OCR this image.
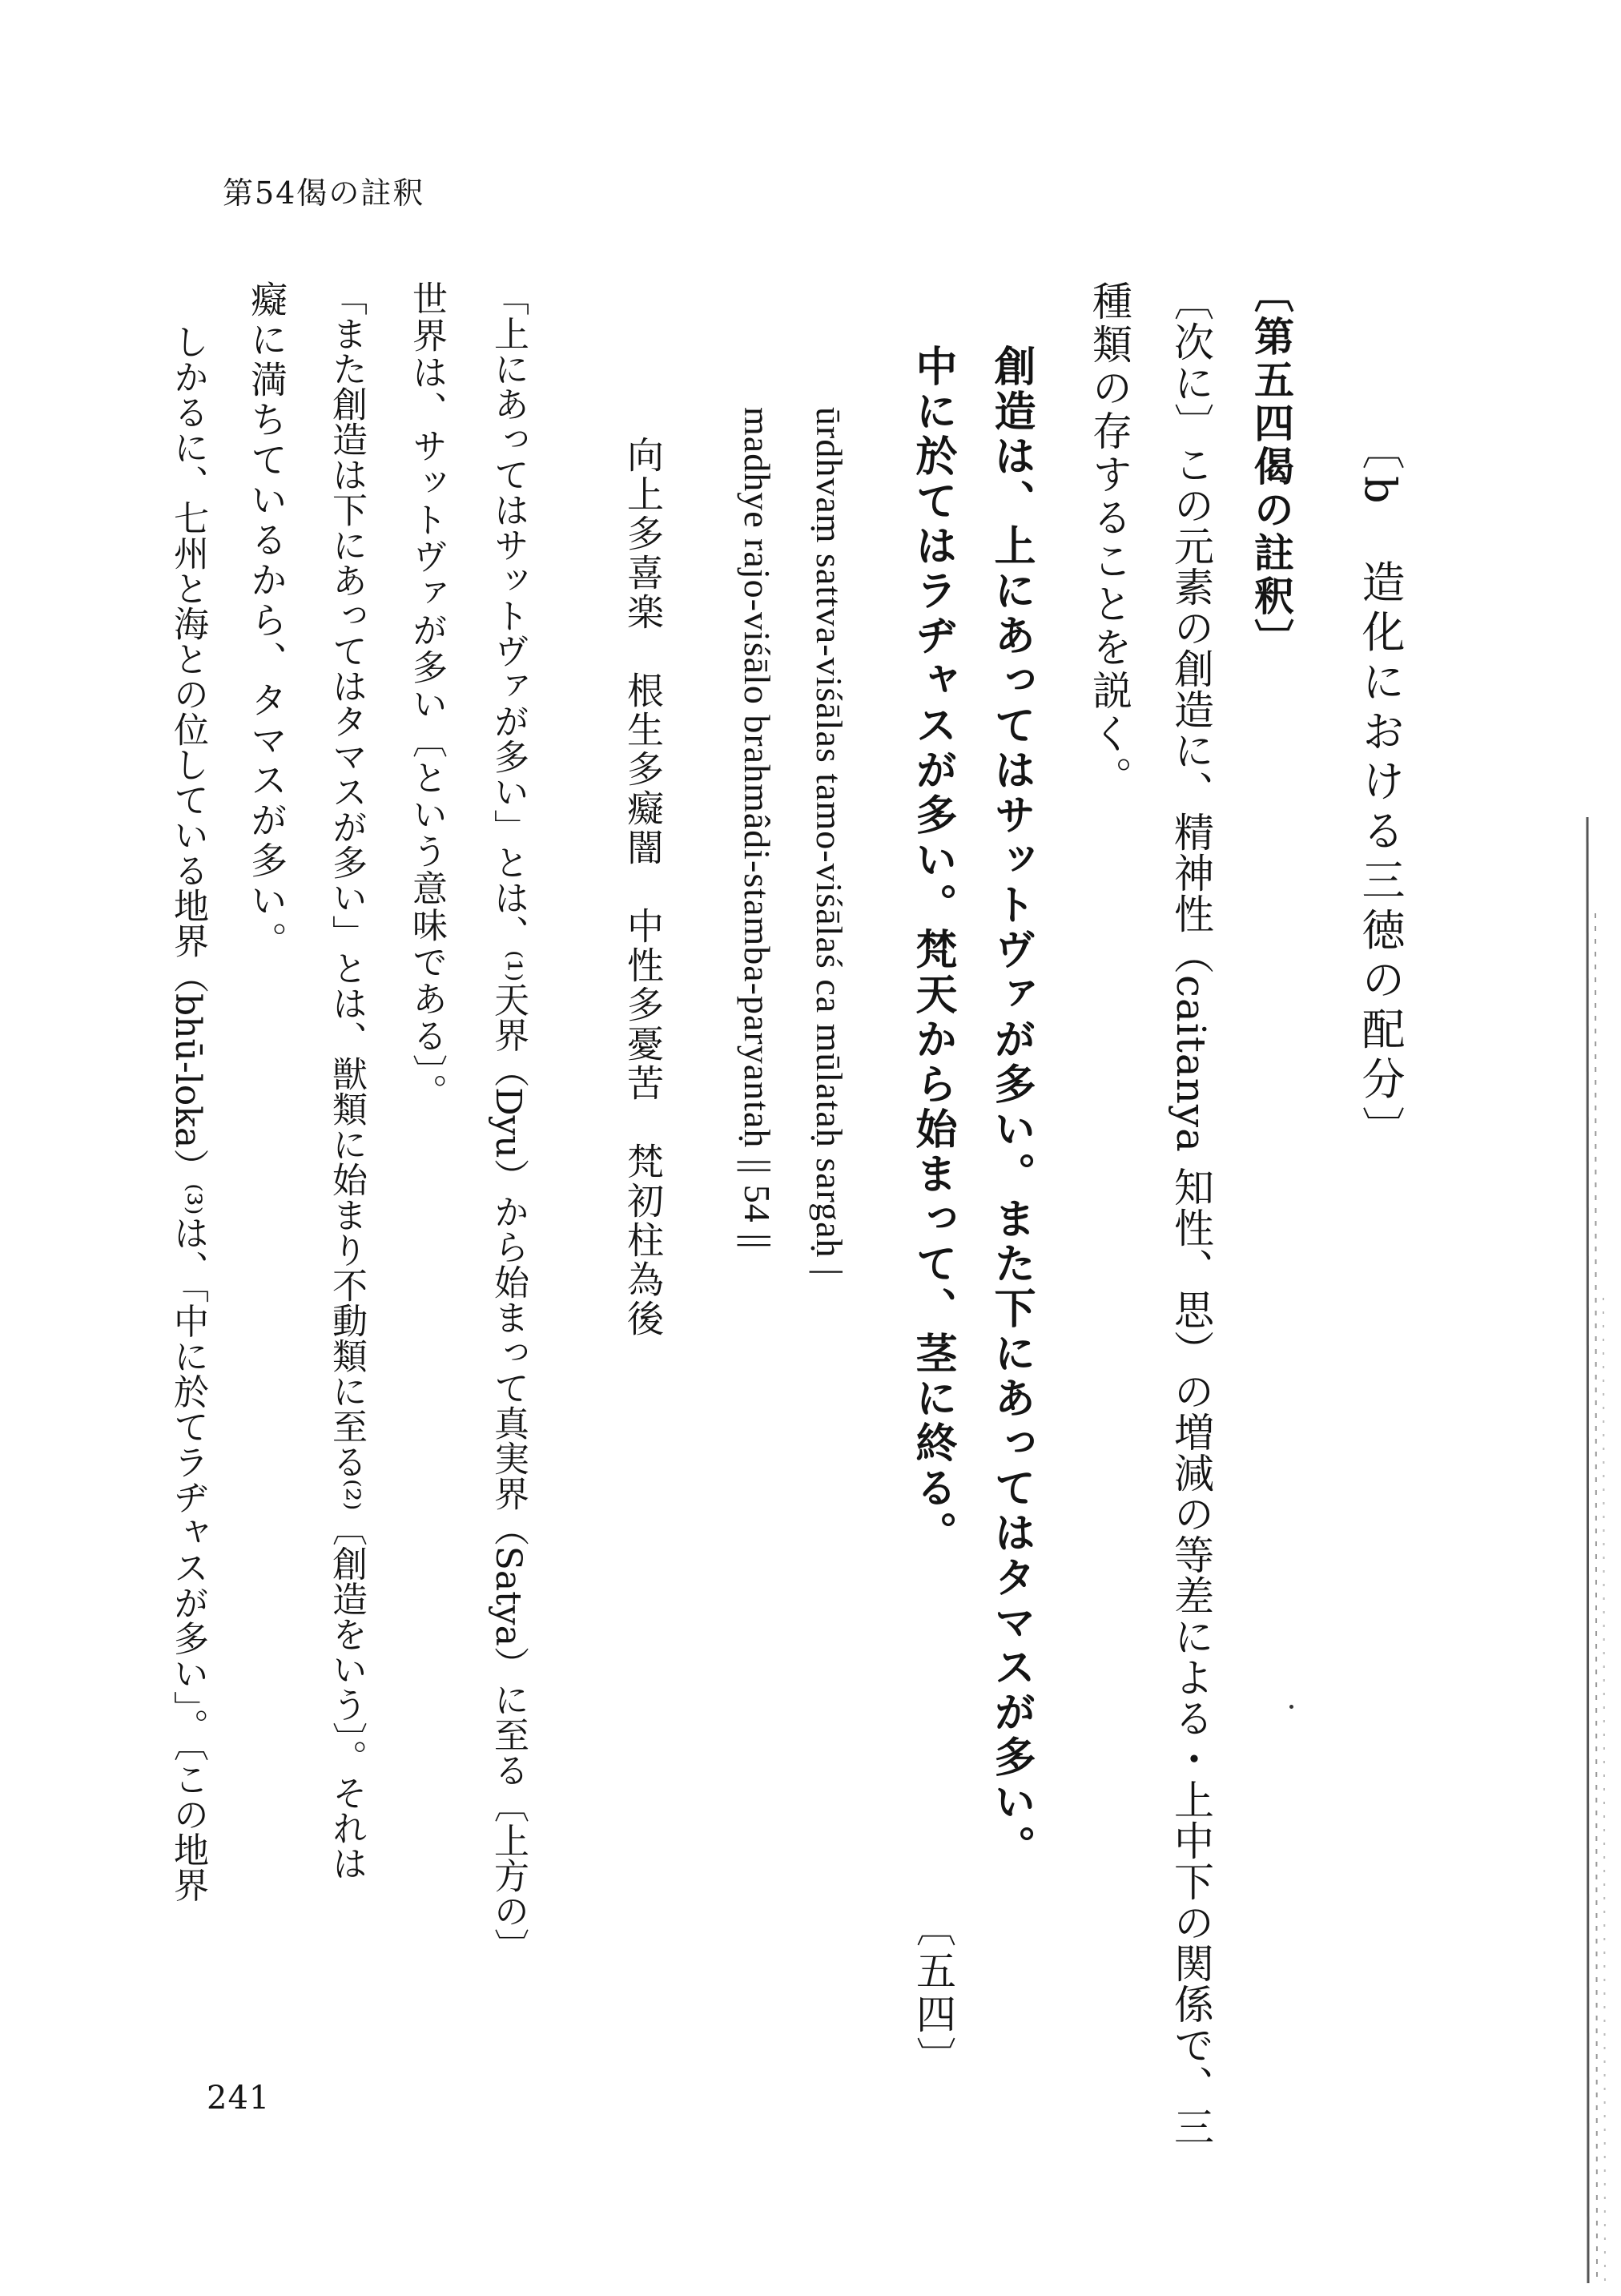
第54偈の註釈
〔b　造化における三徳の配分〕
〔第五四偈の註釈〕
〔次に〕この元素の創造に、精神性（caitanya 知性、思）の増減の等差による・上中下の関係で、三
種類の存することを説く。
創造は、上にあってはサットヴァが多い。また下にあってはタマスが多い。
中に於てはラヂャスが多い。梵天から始まって、茎に終る。
〔五四〕
ūrdhvaṃ sattva-viśālas tamo-viśālaś ca mūlataḥ sargaḥ |
madhye rajo-viśālo brahmâdi-stamba-paryantaḥ || 54 ||
向上多喜楽　根生多癡闇　中性多憂苦　梵初柱為後
「上にあってはサットヴァが多い」とは、⁽¹⁾天界（Dyu）から始まって真実界（Satya）に至る〔上方の〕
世界は、サットヴァが多い〔という意味である〕。
「また創造は下にあってはタマスが多い」とは、獣類に始まり不動類に至る⁽²⁾〔創造をいう〕。それは
癡に満ちているから、タマスが多い。
しかるに、七州と海との位している地界（bhū-loka）⁽³⁾は、「中に於てラヂャスが多い」。〔この地界
241
